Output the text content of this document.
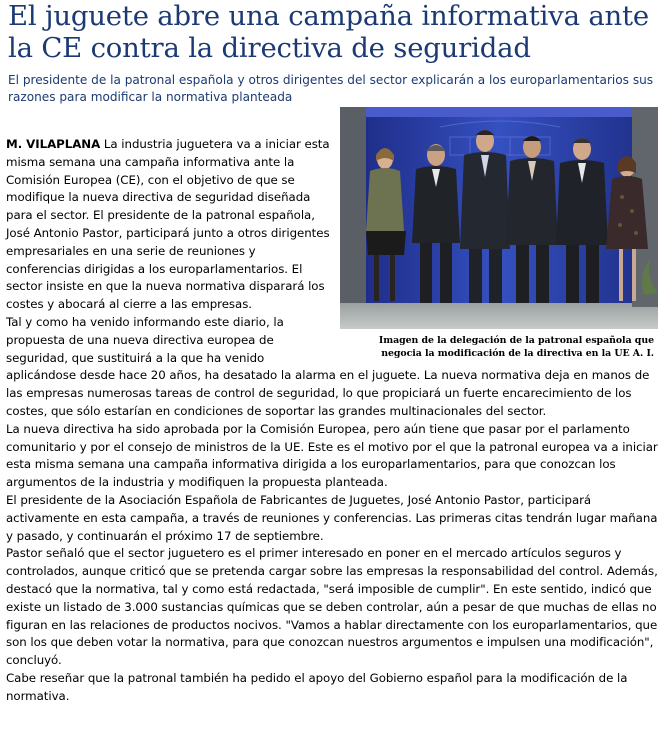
El juguete abre una campaña informativa ante la CE contra la directiva de seguridad

El presidente de la patronal española y otros dirigentes del sector explicarán a los europarlamentarios sus razones para modificar la normativa planteada

Imagen de la delegación de la patronal española que negocia la modificación de la directiva en la UE A. I.

M. VILAPLANA La industria juguetera va a iniciar esta misma semana una campaña informativa ante la Comisión Europea (CE), con el objetivo de que se modifique la nueva directiva de seguridad diseñada para el sector. El presidente de la patronal española, José Antonio Pastor, participará junto a otros dirigentes empresariales en una serie de reuniones y conferencias dirigidas a los europarlamentarios. El sector insiste en que la nueva normativa disparará los costes y abocará al cierre a las empresas.

Tal y como ha venido informando este diario, la propuesta de una nueva directiva europea de seguridad, que sustituirá a la que ha venido aplicándose desde hace 20 años, ha desatado la alarma en el juguete. La nueva normativa deja en manos de las empresas numerosas tareas de control de seguridad, lo que propiciará un fuerte encarecimiento de los costes, que sólo estarían en condiciones de soportar las grandes multinacionales del sector.

La nueva directiva ha sido aprobada por la Comisión Europea, pero aún tiene que pasar por el parlamento comunitario y por el consejo de ministros de la UE. Este es el motivo por el que la patronal europea va a iniciar esta misma semana una campaña informativa dirigida a los europarlamentarios, para que conozcan los argumentos de la industria y modifiquen la propuesta planteada.

El presidente de la Asociación Española de Fabricantes de Juguetes, José Antonio Pastor, participará activamente en esta campaña, a través de reuniones y conferencias. Las primeras citas tendrán lugar mañana y pasado, y continuarán el próximo 17 de septiembre.

Pastor señaló que el sector juguetero es el primer interesado en poner en el mercado artículos seguros y controlados, aunque criticó que se pretenda cargar sobre las empresas la responsabilidad del control. Además, destacó que la normativa, tal y como está redactada, "será imposible de cumplir". En este sentido, indicó que existe un listado de 3.000 sustancias químicas que se deben controlar, aún a pesar de que muchas de ellas no figuran en las relaciones de productos nocivos. "Vamos a hablar directamente con los europarlamentarios, que son los que deben votar la normativa, para que conozcan nuestros argumentos e impulsen una modificación", concluyó.

Cabe reseñar que la patronal también ha pedido el apoyo del Gobierno español para la modificación de la normativa.
